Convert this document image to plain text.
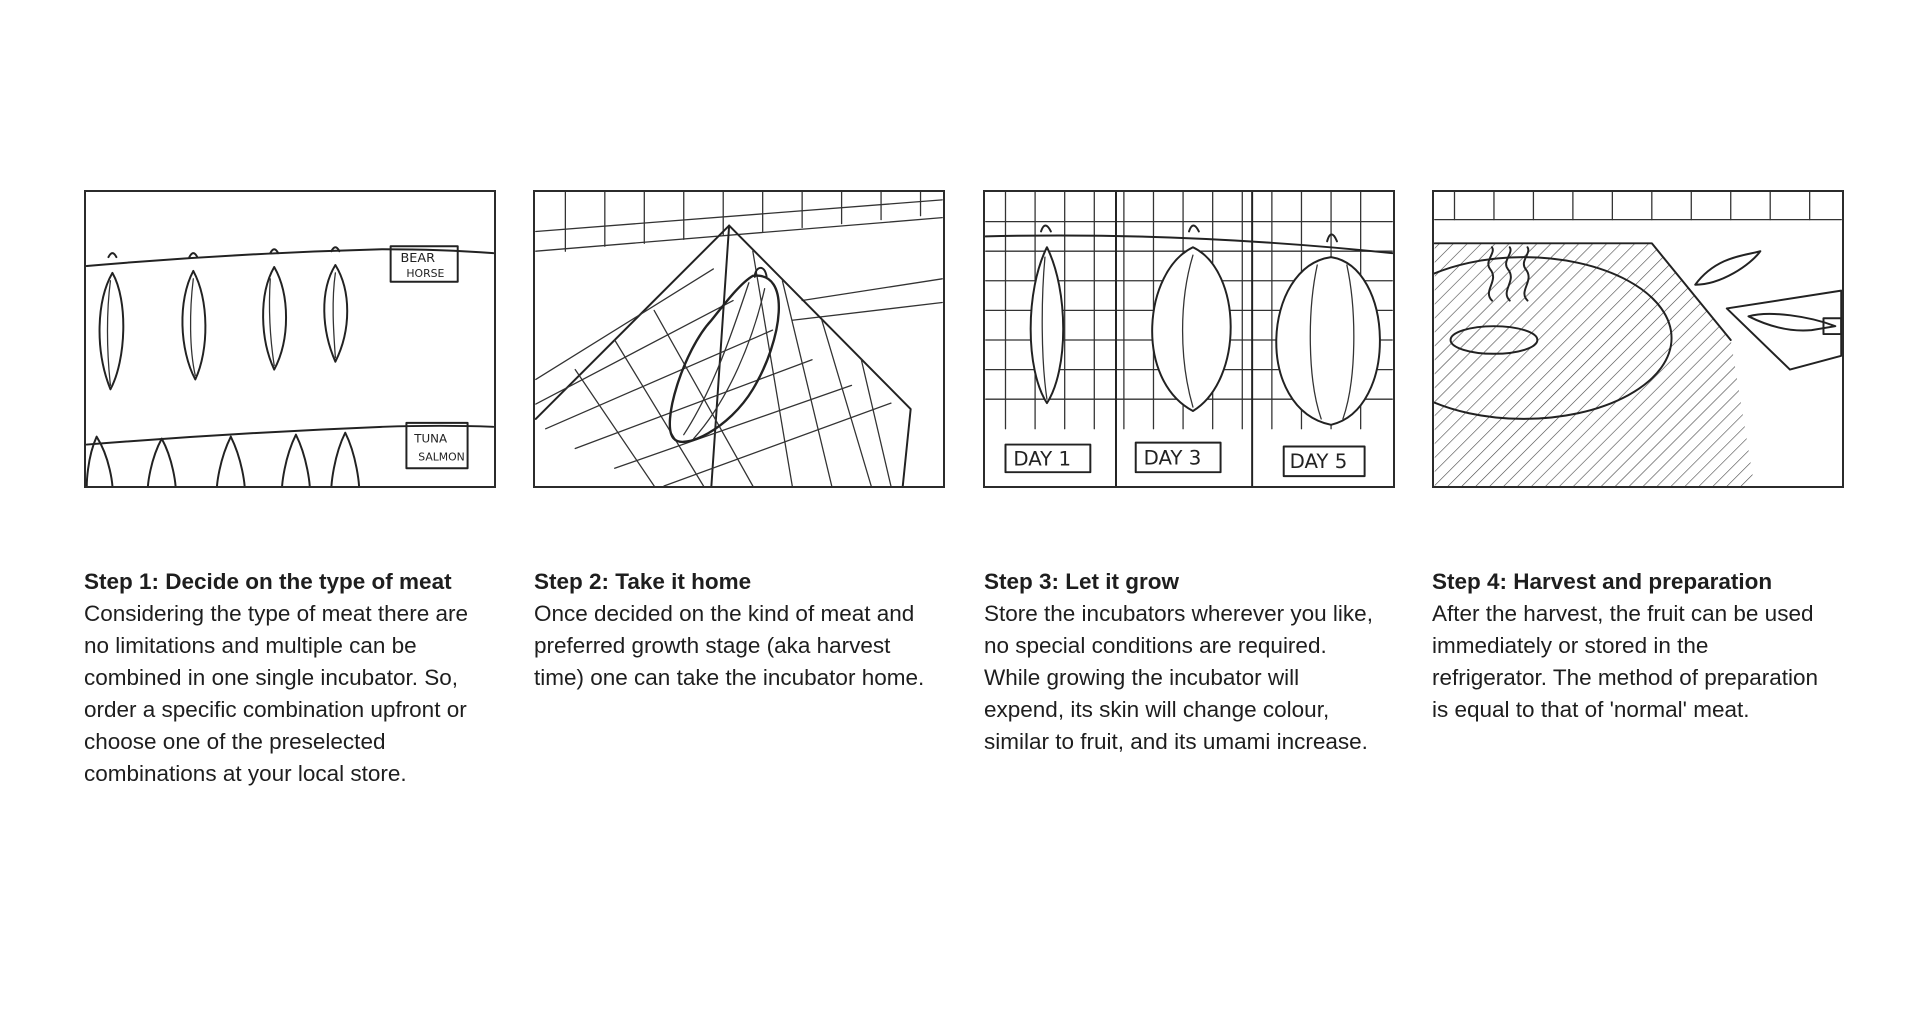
BEAR
HORSE
TUNA
SALMON	DAY 1	DAY 3	DAY 5

Step 1: Decide on the type of meat

Considering the type of meat there are
no limitations and multiple can be
combined in one single incubator. So,
order a specific combination upfront or
choose one of the preselected
combinations at your local store.

Step 2: Take it home

Once decided on the kind of meat and
preferred growth stage (aka harvest
time) one can take the incubator home.

Step 3: Let it grow

Store the incubators wherever you like,
no special conditions are required.
While growing the incubator will
expend, its skin will change colour,
similar to fruit, and its umami increase.

Step 4: Harvest and preparation

After the harvest, the fruit can be used
immediately or stored in the
refrigerator. The method of preparation
is equal to that of 'normal' meat.
